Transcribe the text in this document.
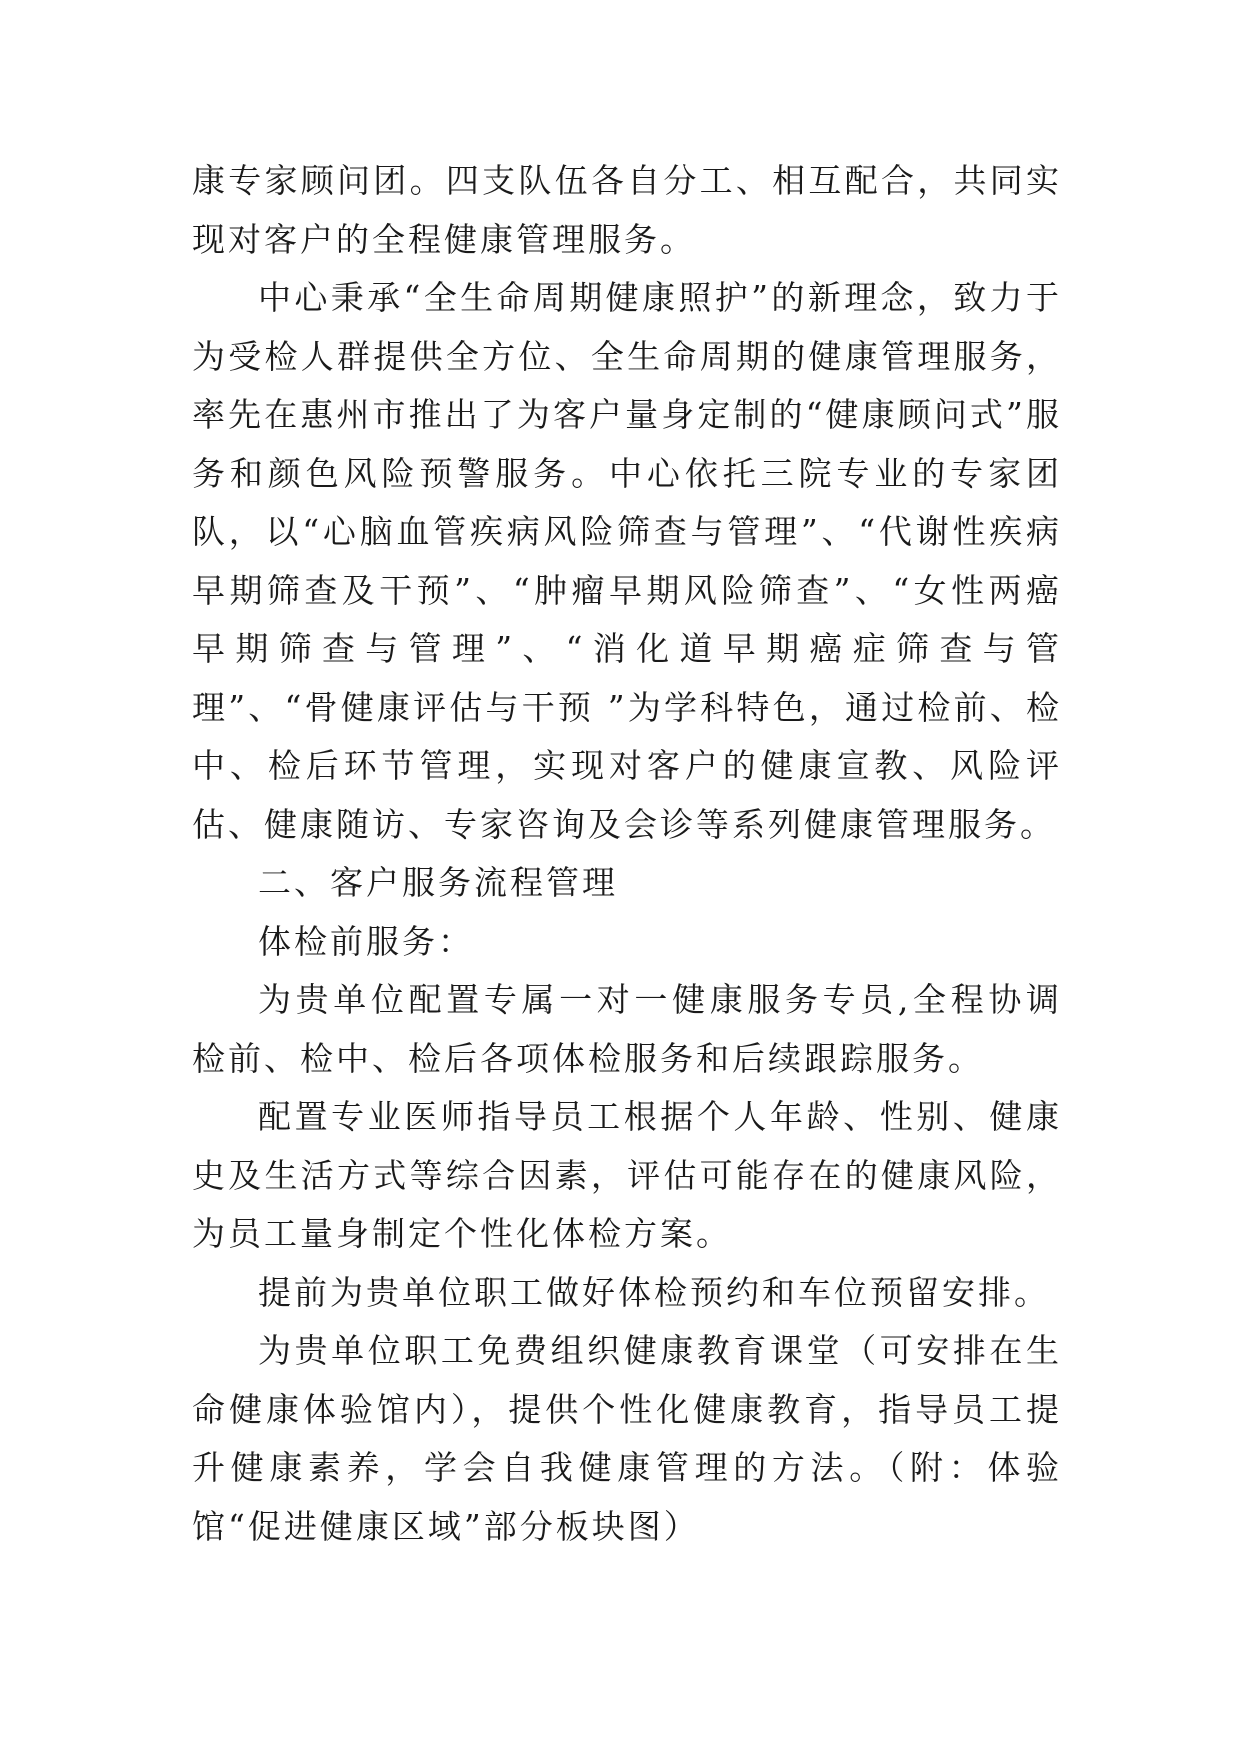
康专家顾问团。四支队伍各自分工、相互配合，共同实现对客户的全程健康管理服务。

中心秉承“全生命周期健康照护”的新理念，致力于为受检人群提供全方位、全生命周期的健康管理服务，率先在惠州市推出了为客户量身定制的“健康顾问式”服务和颜色风险预警服务。中心依托三院专业的专家团队，以“心脑血管疾病风险筛查与管理”、“代谢性疾病早期筛查及干预”、“肿瘤早期风险筛查”、“女性两癌早期筛查与管理”、“消化道早期癌症筛查与管理”、“骨健康评估与干预 ”为学科特色，通过检前、检中、检后环节管理，实现对客户的健康宣教、风险评估、健康随访、专家咨询及会诊等系列健康管理服务。

二、客户服务流程管理

体检前服务：

为贵单位配置专属一对一健康服务专员,全程协调检前、检中、检后各项体检服务和后续跟踪服务。

配置专业医师指导员工根据个人年龄、性别、健康史及生活方式等综合因素，评估可能存在的健康风险，为员工量身制定个性化体检方案。

提前为贵单位职工做好体检预约和车位预留安排。

为贵单位职工免费组织健康教育课堂（可安排在生命健康体验馆内），提供个性化健康教育，指导员工提升健康素养，学会自我健康管理的方法。（附：体验馆“促进健康区域”部分板块图）
